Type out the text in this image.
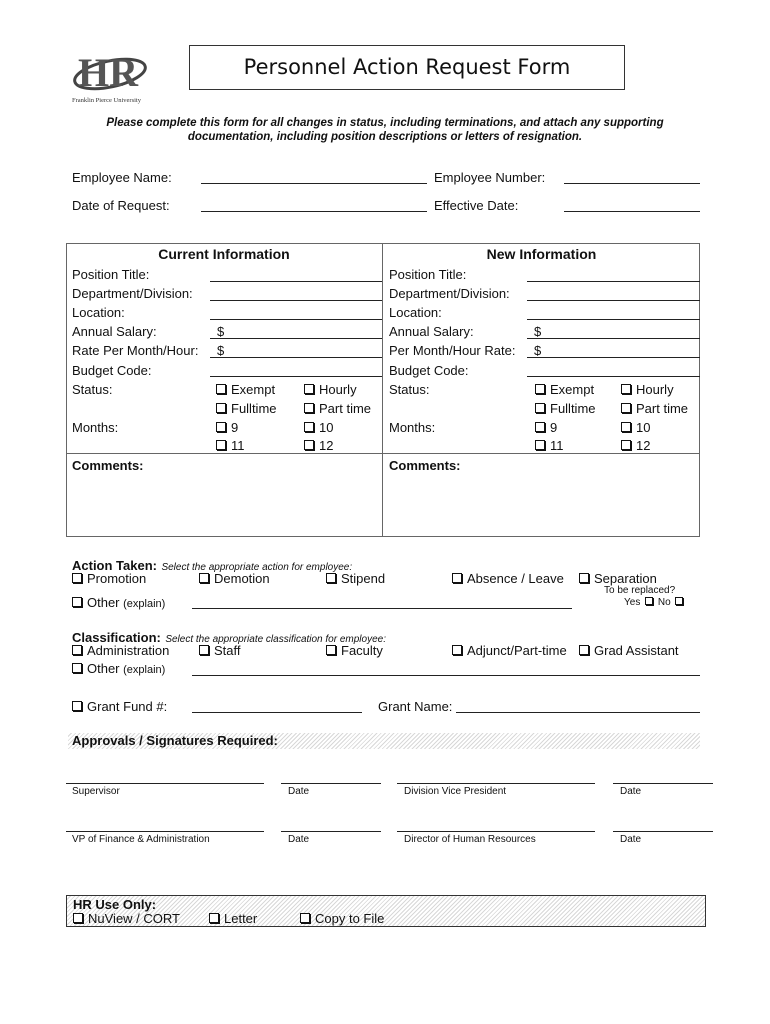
HR
Franklin Pierce University
Personnel Action Request Form
Please complete this form for all changes in status, including terminations, and attach any supporting
documentation, including position descriptions or letters of resignation.
Employee Name:	Employee Number:
Date of Request:	Effective Date:
Current Information
Position Title:
Department/Division:
Location:
Annual Salary:	$
Rate Per Month/Hour: $
Budget Code:
Status:	Exempt	Hourly
Fulltime	Part time
Months:	9	10
11	12
Comments:
New Information
Position Title:
Department/Division:
Location:
Annual Salary:	$
Per Month/Hour Rate: $
Budget Code:
Status:	Exempt	Hourly
Fulltime	Part time
Months:	9	10
11	12
Comments:
Action Taken: Select the appropriate action for employee:
Promotion	Demotion	Stipend	Absence / Leave	Separation
To be replaced?
Yes No
Other (explain)
Classification: Select the appropriate classification for employee:
Administration	Staff	Faculty	Adjunct/Part-time	Grad Assistant
Other (explain)
Grant Fund #:	Grant Name:
Approvals / Signatures Required:
Supervisor	Date	Division Vice President	Date
VP of Finance & Administration	Date	Director of Human Resources	Date
HR Use Only:
NuView / CORT	Letter	Copy to File
